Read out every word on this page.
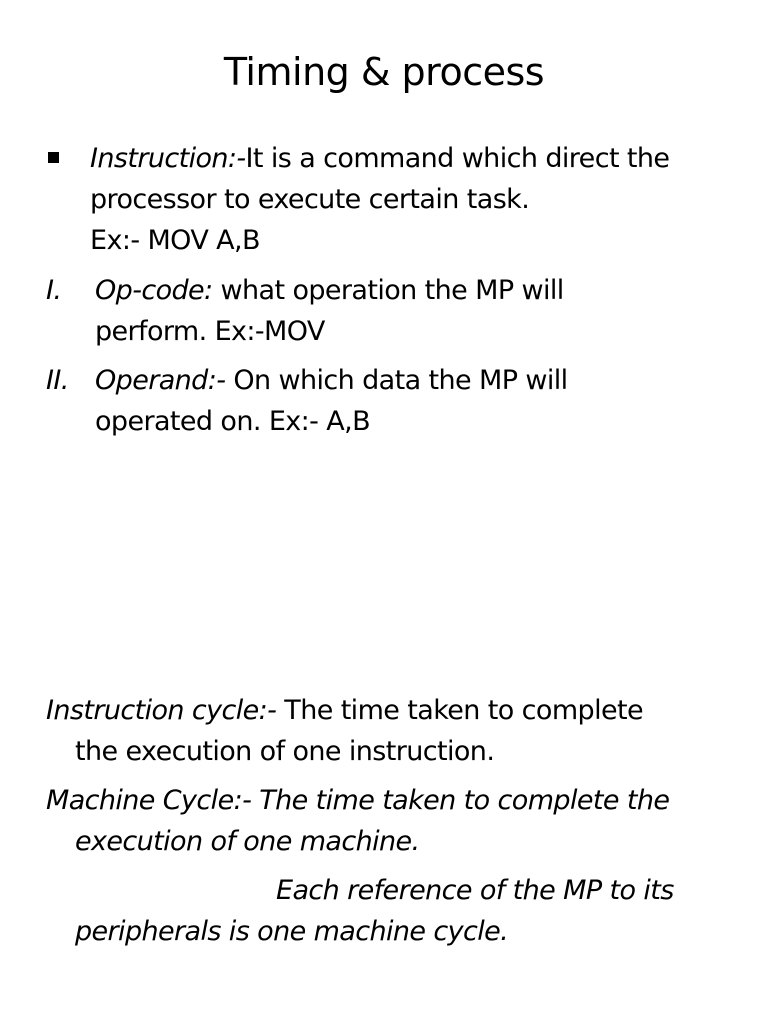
Timing & process
Instruction:-It is a command which direct the
processor to execute certain task.
Ex:- MOV A,B
I. Op-code: what operation the MP will
perform. Ex:-MOV
II. Operand:- On which data the MP will
operated on. Ex:- A,B
Instruction cycle:- The time taken to complete
the execution of one instruction.
Machine Cycle:- The time taken to complete the
execution of one machine.
Each reference of the MP to its
peripherals is one machine cycle.
